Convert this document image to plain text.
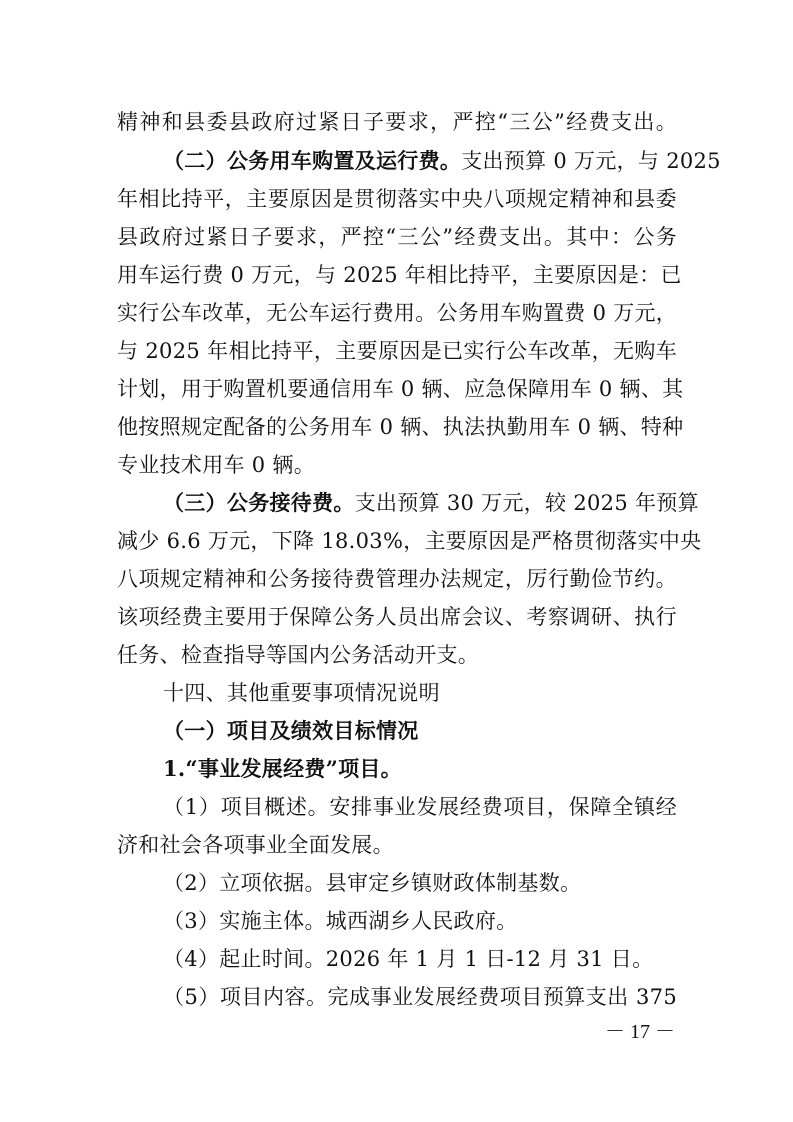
精神和县委县政府过紧日子要求，严控“三公”经费支出。
（二）公务用车购置及运行费。支出预算 0 万元，与 2025
年相比持平，主要原因是贯彻落实中央八项规定精神和县委
县政府过紧日子要求，严控“三公”经费支出。其中：公务
用车运行费 0 万元，与 2025 年相比持平，主要原因是：已
实行公车改革，无公车运行费用。公务用车购置费 0 万元，
与 2025 年相比持平，主要原因是已实行公车改革，无购车
计划，用于购置机要通信用车 0 辆、应急保障用车 0 辆、其
他按照规定配备的公务用车 0 辆、执法执勤用车 0 辆、特种
专业技术用车 0 辆。
（三）公务接待费。支出预算 30 万元，较 2025 年预算
减少 6.6 万元，下降 18.03%，主要原因是严格贯彻落实中央
八项规定精神和公务接待费管理办法规定，厉行勤俭节约。
该项经费主要用于保障公务人员出席会议、考察调研、执行
任务、检查指导等国内公务活动开支。
十四、其他重要事项情况说明
（一）项目及绩效目标情况
1.“事业发展经费”项目。
（1）项目概述。安排事业发展经费项目，保障全镇经
济和社会各项事业全面发展。
（2）立项依据。县审定乡镇财政体制基数。
（3）实施主体。城西湖乡人民政府。
（4）起止时间。2026 年 1 月 1 日-12 月 31 日。
（5）项目内容。完成事业发展经费项目预算支出 375
－ 17 －
